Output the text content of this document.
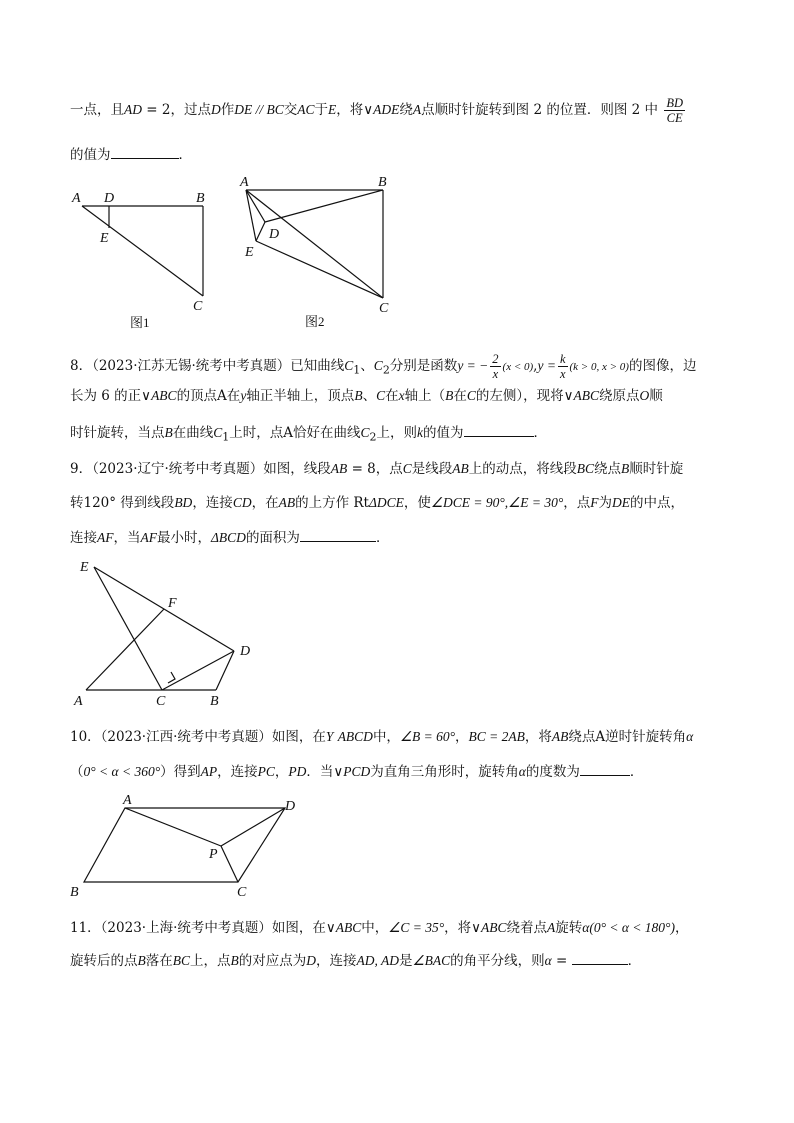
一点，且AD = 2，过点D作DE // BC交AC于E，将∨ADE绕A点顺时针旋转到图 2 的位置．则图 2 中 $\frac{BD}{CE}$
的值为	．
A D	B
E
C
图1
A	B
D
E
C
图2
8．（2023·江苏无锡·统考中考真题）已知曲线$C_1$、$C_2$分别是函数y = − $\frac{2}{x} (x < 0),y = \frac{k}{x} (k > 0$, x > 0)的图像，边
长为 6 的正∨ABC的顶点A在y轴正半轴上，顶点B、C在x轴上（B在C的左侧），现将∨ABC绕原点O顺
时针旋转，当点B在曲线$C_1$上时，点A恰好在曲线$C_2$上，则k的值为	．
9．（2023·辽宁·统考中考真题）如图，线段AB = 8，点C是线段AB上的动点，将线段BC绕点B顺时针旋
转120° 得到线段BD，连接CD，在AB的上方作 RtΔDCE，使∠DCE = 90°,∠E = 30°，点F为DE的中点，
连接AF，当AF最小时，ΔBCD的面积为	．
E
F
D
A	C	B
10．（2023·江西·统考中考真题）如图，在Y ABCD中，∠B = 60°，BC = 2AB，将AB绕点A逆时针旋转角α
（0° < α < 360°）得到AP，连接PC，PD．当∨PCD为直角三角形时，旋转角α的度数为	．
A	D
P
B	C
11．（2023·上海·统考中考真题）如图，在∨ABC中，∠C = 35°，将∨ABC绕着点A旋转α(0° < α < 180°)，
旋转后的点B落在BC上，点B的对应点为D，连接AD, AD是∠BAC的角平分线，则α =	．
